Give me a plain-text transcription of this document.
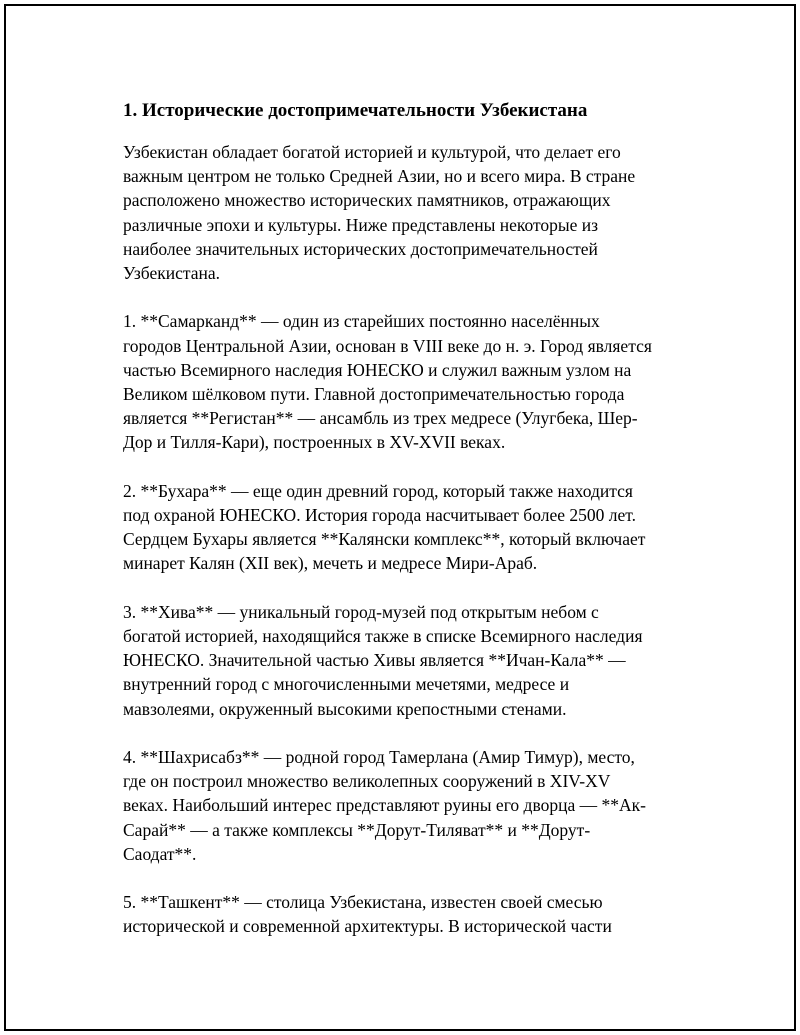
1. Исторические достопримечательности Узбекистана
Узбекистан обладает богатой историей и культурой, что делает его
важным центром не только Средней Азии, но и всего мира. В стране
расположено множество исторических памятников, отражающих
различные эпохи и культуры. Ниже представлены некоторые из
наиболее значительных исторических достопримечательностей
Узбекистана.
1. **Самарканд** — один из старейших постоянно населённых
городов Центральной Азии, основан в VIII веке до н. э. Город является
частью Всемирного наследия ЮНЕСКО и служил важным узлом на
Великом шёлковом пути. Главной достопримечательностью города
является **Регистан** — ансамбль из трех медресе (Улугбека, Шер-
Дор и Тилля-Кари), построенных в XV-XVII веках.
2. **Бухара** — еще один древний город, который также находится
под охраной ЮНЕСКО. История города насчитывает более 2500 лет.
Сердцем Бухары является **Калянски комплекс**, который включает
минарет Калян (XII век), мечеть и медресе Мири-Араб.
3. **Хива** — уникальный город-музей под открытым небом с
богатой историей, находящийся также в списке Всемирного наследия
ЮНЕСКО. Значительной частью Хивы является **Ичан-Кала** —
внутренний город с многочисленными мечетями, медресе и
мавзолеями, окруженный высокими крепостными стенами.
4. **Шахрисабз** — родной город Тамерлана (Амир Тимур), место,
где он построил множество великолепных сооружений в XIV-XV
веках. Наибольший интерес представляют руины его дворца — **Ак-
Сарай** — а также комплексы **Дорут-Тиляват** и **Дорут-
Саодат**.
5. **Ташкент** — столица Узбекистана, известен своей смесью
исторической и современной архитектуры. В исторической части
